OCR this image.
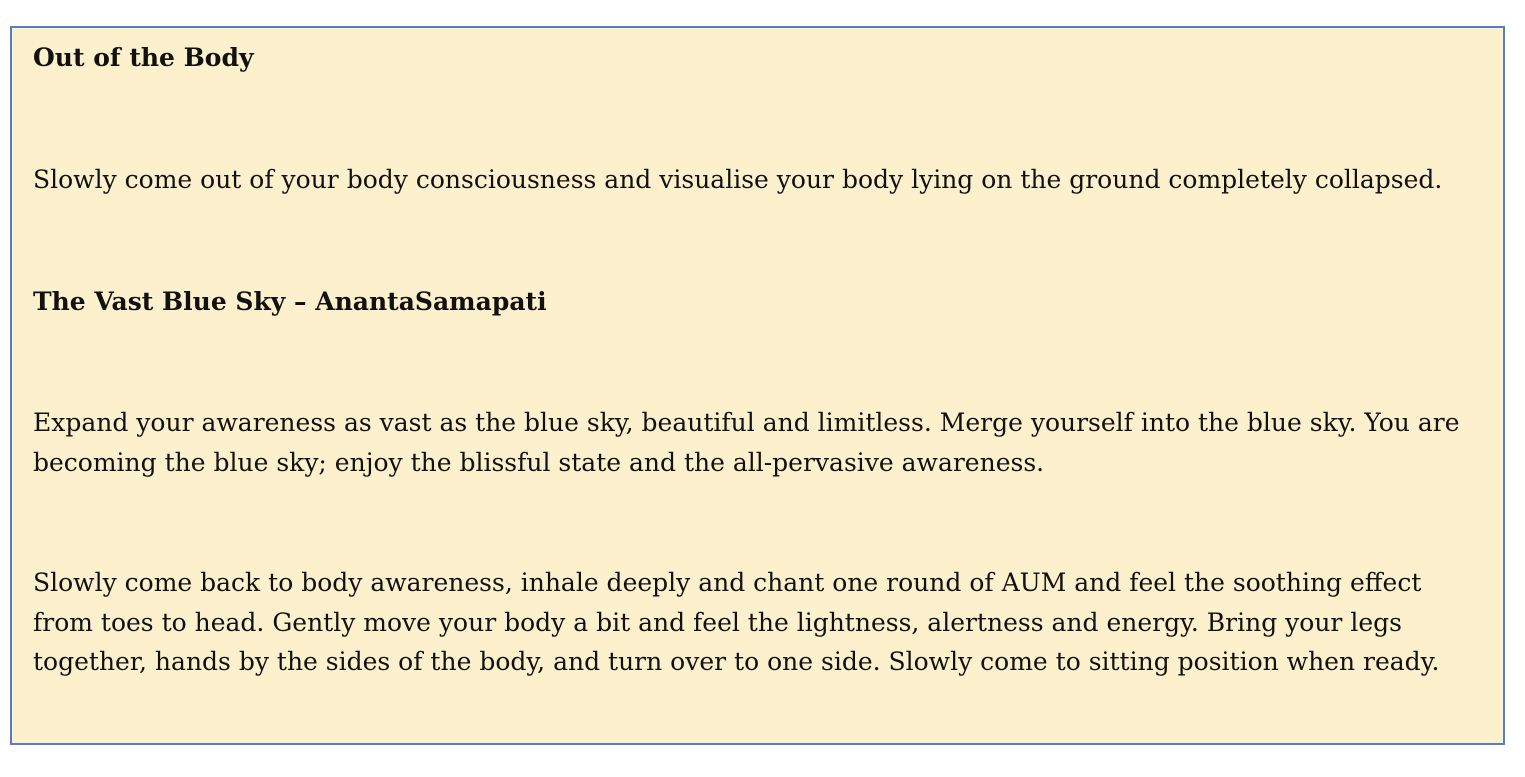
Out of the Body
Slowly come out of your body consciousness and visualise your body lying on the ground completely collapsed.
The Vast Blue Sky – AnantaSamapati
Expand your awareness as vast as the blue sky, beautiful and limitless. Merge yourself into the blue sky. You are
becoming the blue sky; enjoy the blissful state and the all-pervasive awareness.
Slowly come back to body awareness, inhale deeply and chant one round of AUM and feel the soothing effect
from toes to head. Gently move your body a bit and feel the lightness, alertness and energy. Bring your legs
together, hands by the sides of the body, and turn over to one side. Slowly come to sitting position when ready.
